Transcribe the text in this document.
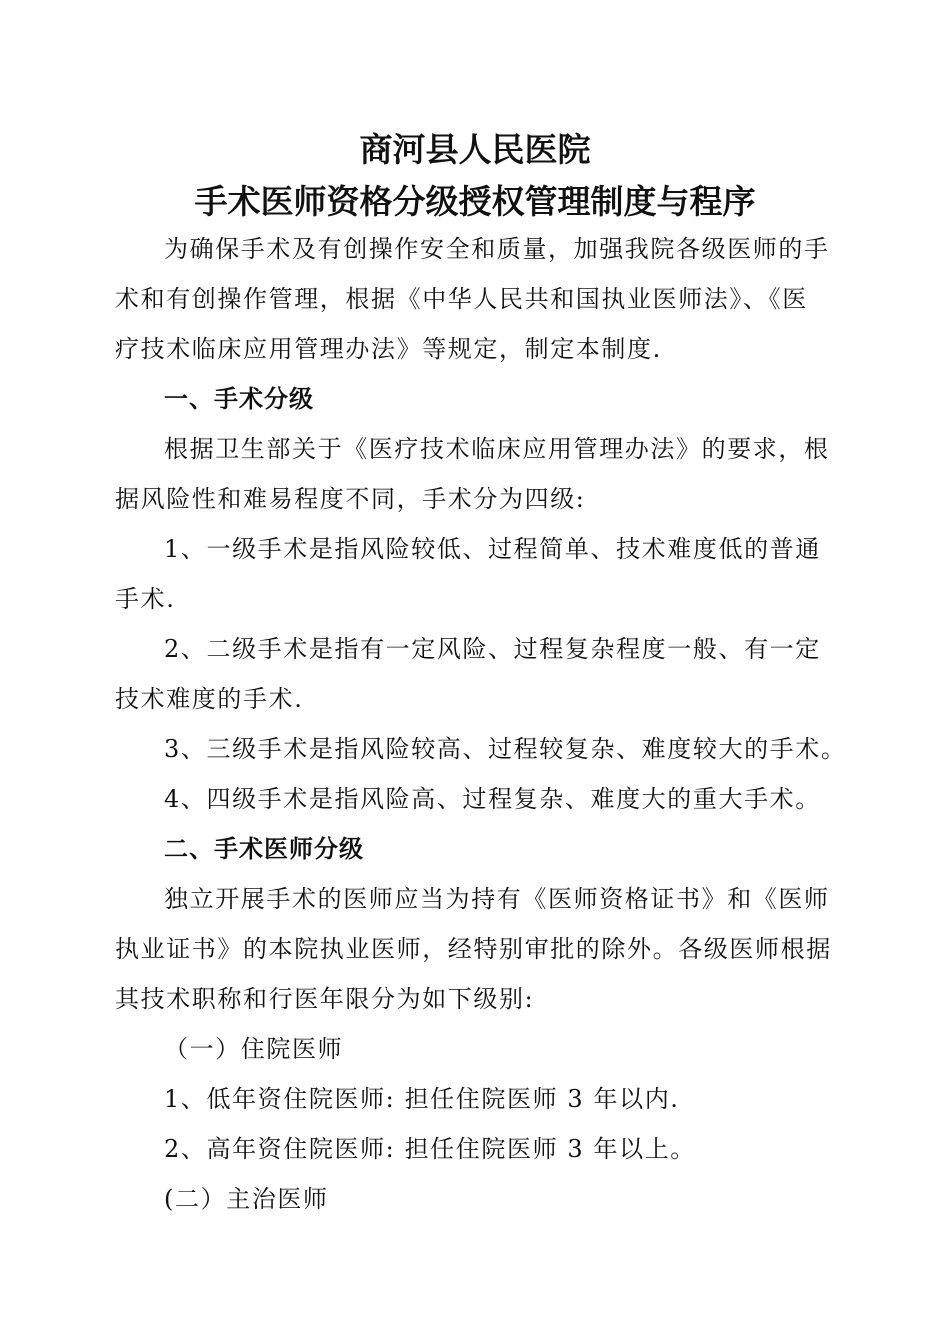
商河县人民医院
手术医师资格分级授权管理制度与程序

为确保手术及有创操作安全和质量，加强我院各级医师的手

术和有创操作管理，根据《中华人民共和国执业医师法》、《医

疗技术临床应用管理办法》等规定，制定本制度.

一、手术分级

根据卫生部关于《医疗技术临床应用管理办法》的要求，根

据风险性和难易程度不同，手术分为四级:

1、一级手术是指风险较低、过程简单、技术难度低的普通

手术.

2、二级手术是指有一定风险、过程复杂程度一般、有一定

技术难度的手术.

3、三级手术是指风险较高、过程较复杂、难度较大的手术。

4、四级手术是指风险高、过程复杂、难度大的重大手术。

二、手术医师分级

独立开展手术的医师应当为持有《医师资格证书》和《医师

执业证书》的本院执业医师，经特别审批的除外。各级医师根据

其技术职称和行医年限分为如下级别:

（一）住院医师

1、低年资住院医师: 担任住院医师 3 年以内.

2、高年资住院医师: 担任住院医师 3 年以上。

(二）主治医师
